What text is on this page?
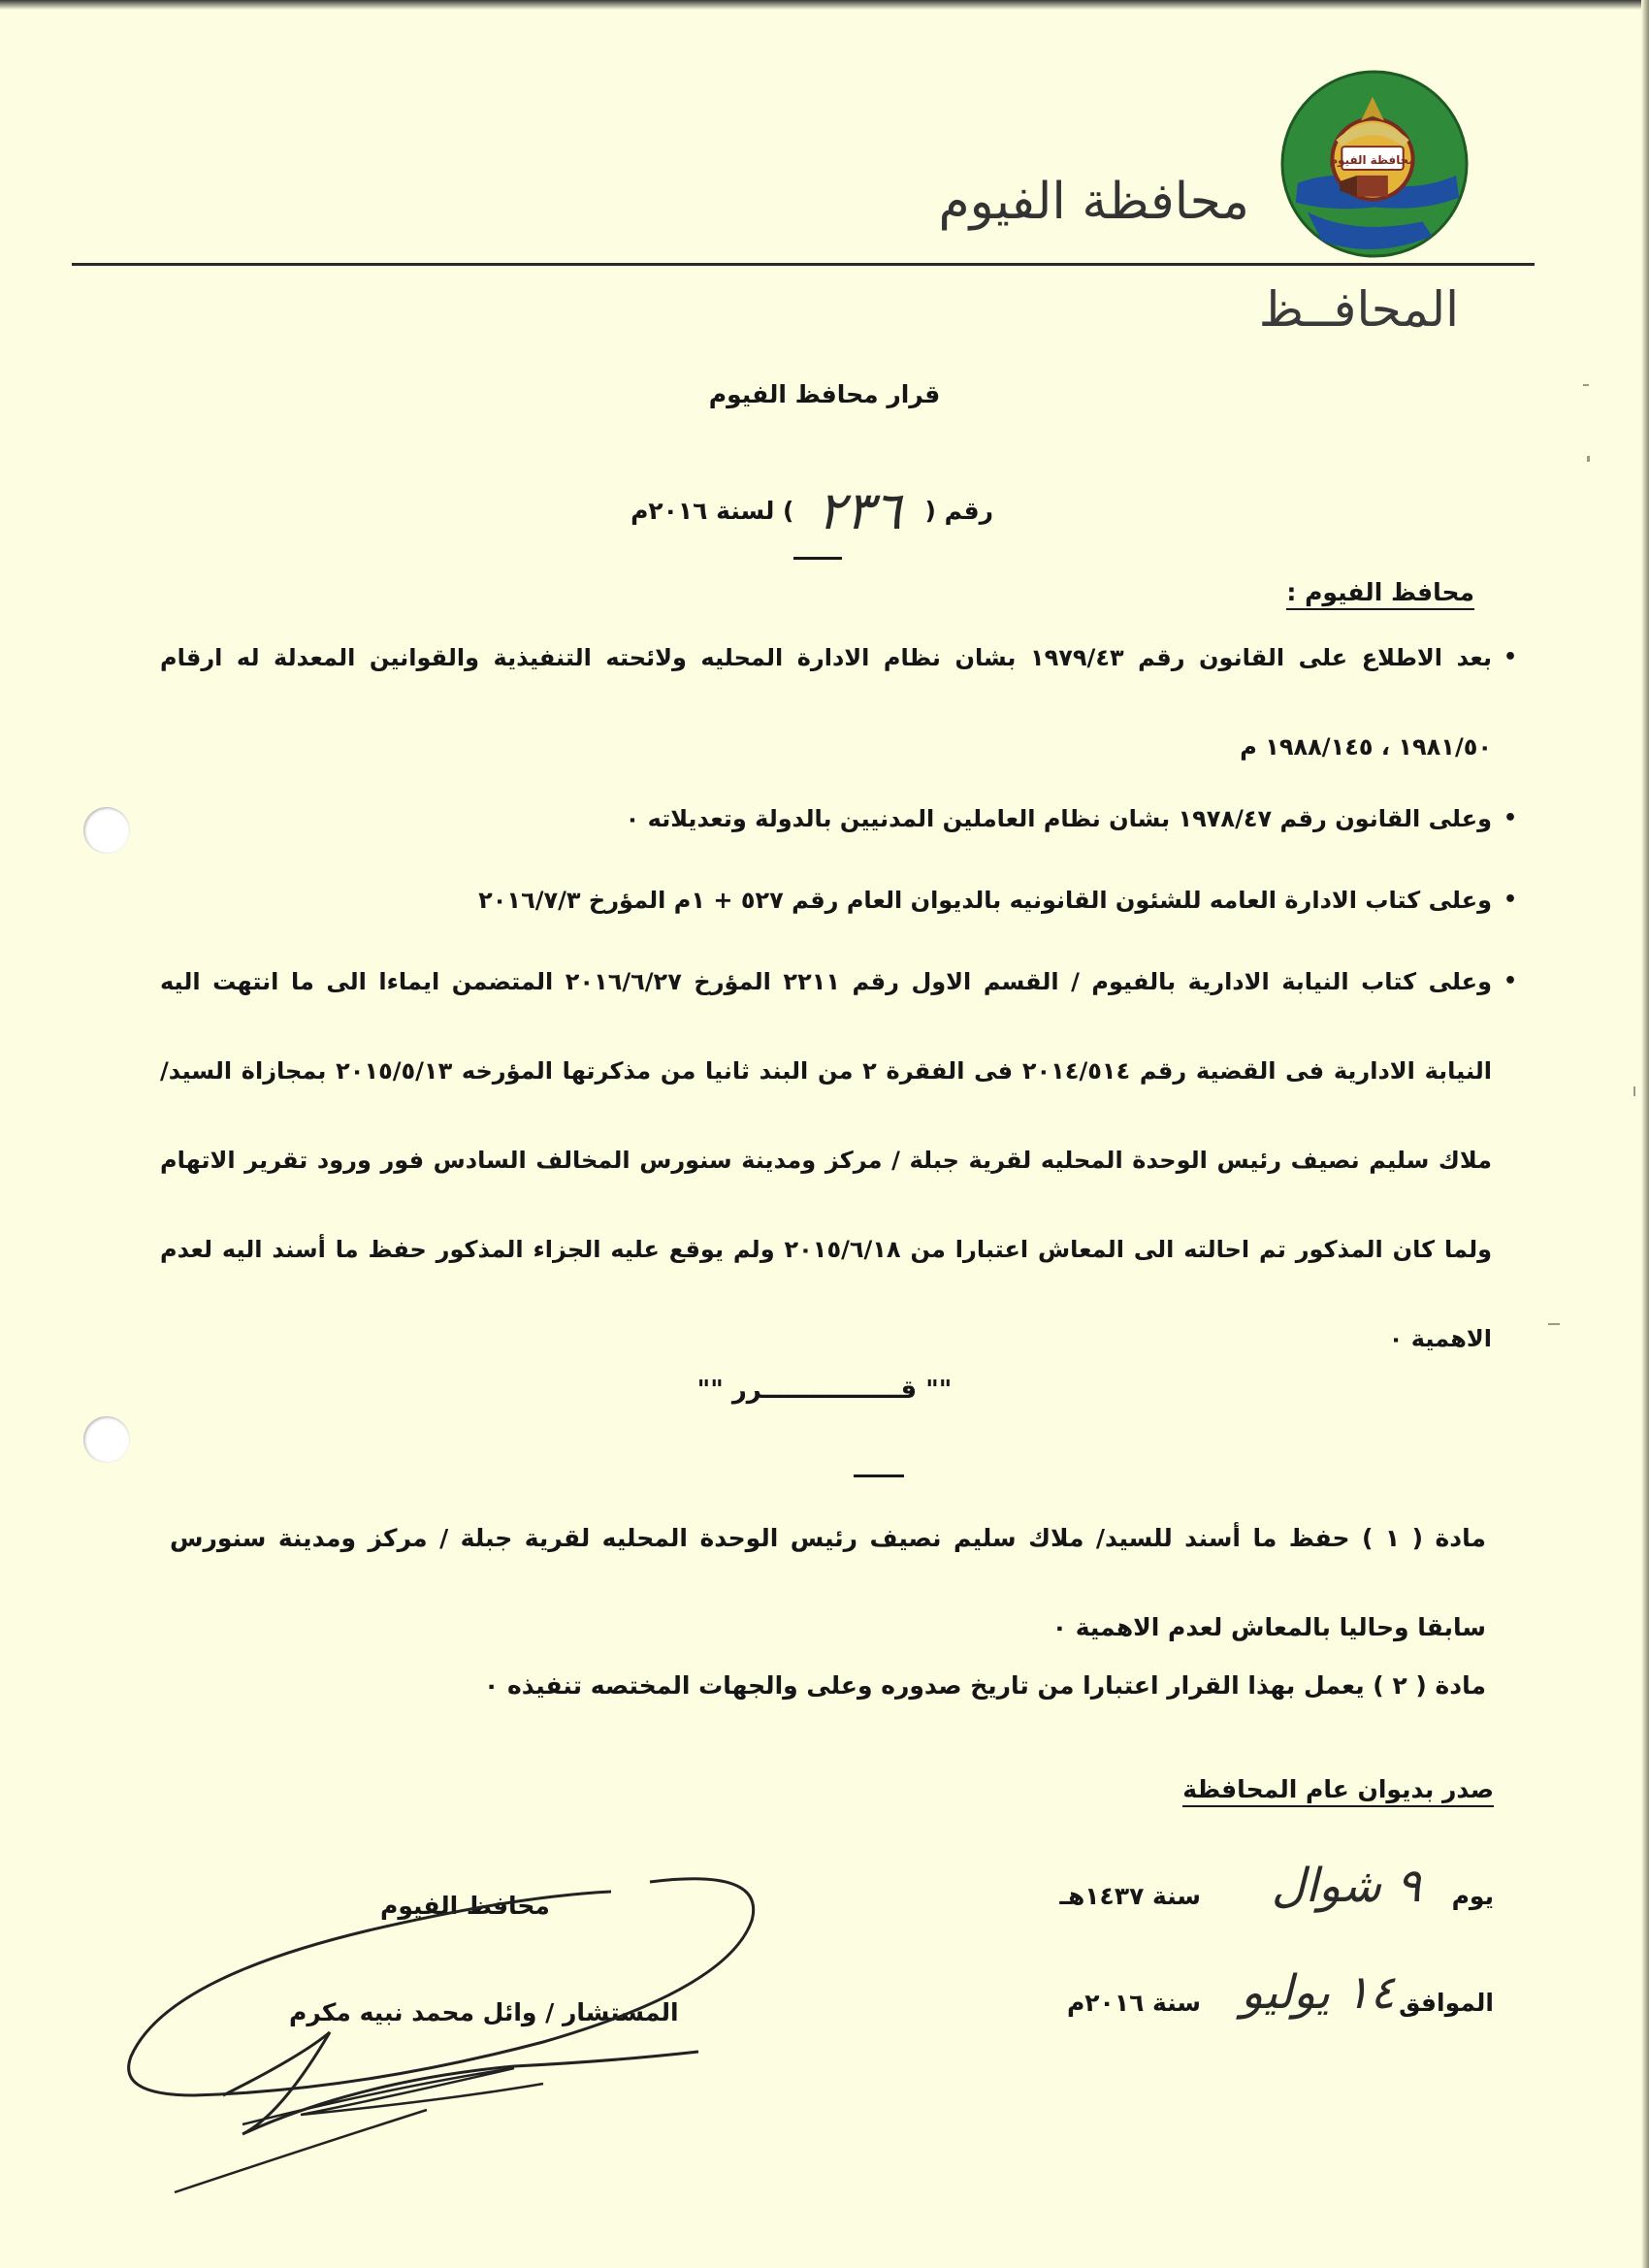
محافظة الفيوم
محافظة الفيوم
المحافــظ
قرار محافظ الفيوم
رقم (
٢٣٦
) لسنة ٢٠١٦م
محافظ الفيوم :
• بعد الاطلاع على القانون رقم ١٩٧٩/٤٣ بشان نظام الادارة المحليه ولائحته التنفيذية والقوانين المعدلة له ارقام ١٩٨١/٥٠ ، ١٩٨٨/١٤٥ م
• وعلى القانون رقم ١٩٧٨/٤٧ بشان نظام العاملين المدنيين بالدولة وتعديلاته ٠
• وعلى كتاب الادارة العامه للشئون القانونيه بالديوان العام رقم ٥٢٧ + ١م المؤرخ ٢٠١٦/٧/٣
• وعلى كتاب النيابة الادارية بالفيوم / القسم الاول رقم ٢٢١١ المؤرخ ٢٠١٦/٦/٢٧ المتضمن ايماءا الى ما انتهت اليه النيابة الادارية فى القضية رقم ٢٠١٤/٥١٤ فى الفقرة ٢ من البند ثانيا من مذكرتها المؤرخه ٢٠١٥/٥/١٣ بمجازاة السيد/ ملاك سليم نصيف رئيس الوحدة المحليه لقرية جبلة / مركز ومدينة سنورس المخالف السادس فور ورود تقرير الاتهام ولما كان المذكور تم احالته الى المعاش اعتبارا من ٢٠١٥/٦/١٨ ولم يوقع عليه الجزاء المذكور حفظ ما أسند اليه لعدم الاهمية ٠
"" قــــــــــــــــرر ""
مادة ( ١ ) حفظ ما أسند للسيد/ ملاك سليم نصيف رئيس الوحدة المحليه لقرية جبلة / مركز ومدينة سنورس سابقا وحاليا بالمعاش لعدم الاهمية ٠
مادة ( ٢ ) يعمل بهذا القرار اعتبارا من تاريخ صدوره وعلى والجهات المختصه تنفيذه ٠
صدر بديوان عام المحافظة
يوم
٩ شوال
سنة ١٤٣٧هـ
الموافق
١٤ يوليو
سنة ٢٠١٦م
محافظ الفيوم
المستشار / وائل محمد نبيه مكرم
